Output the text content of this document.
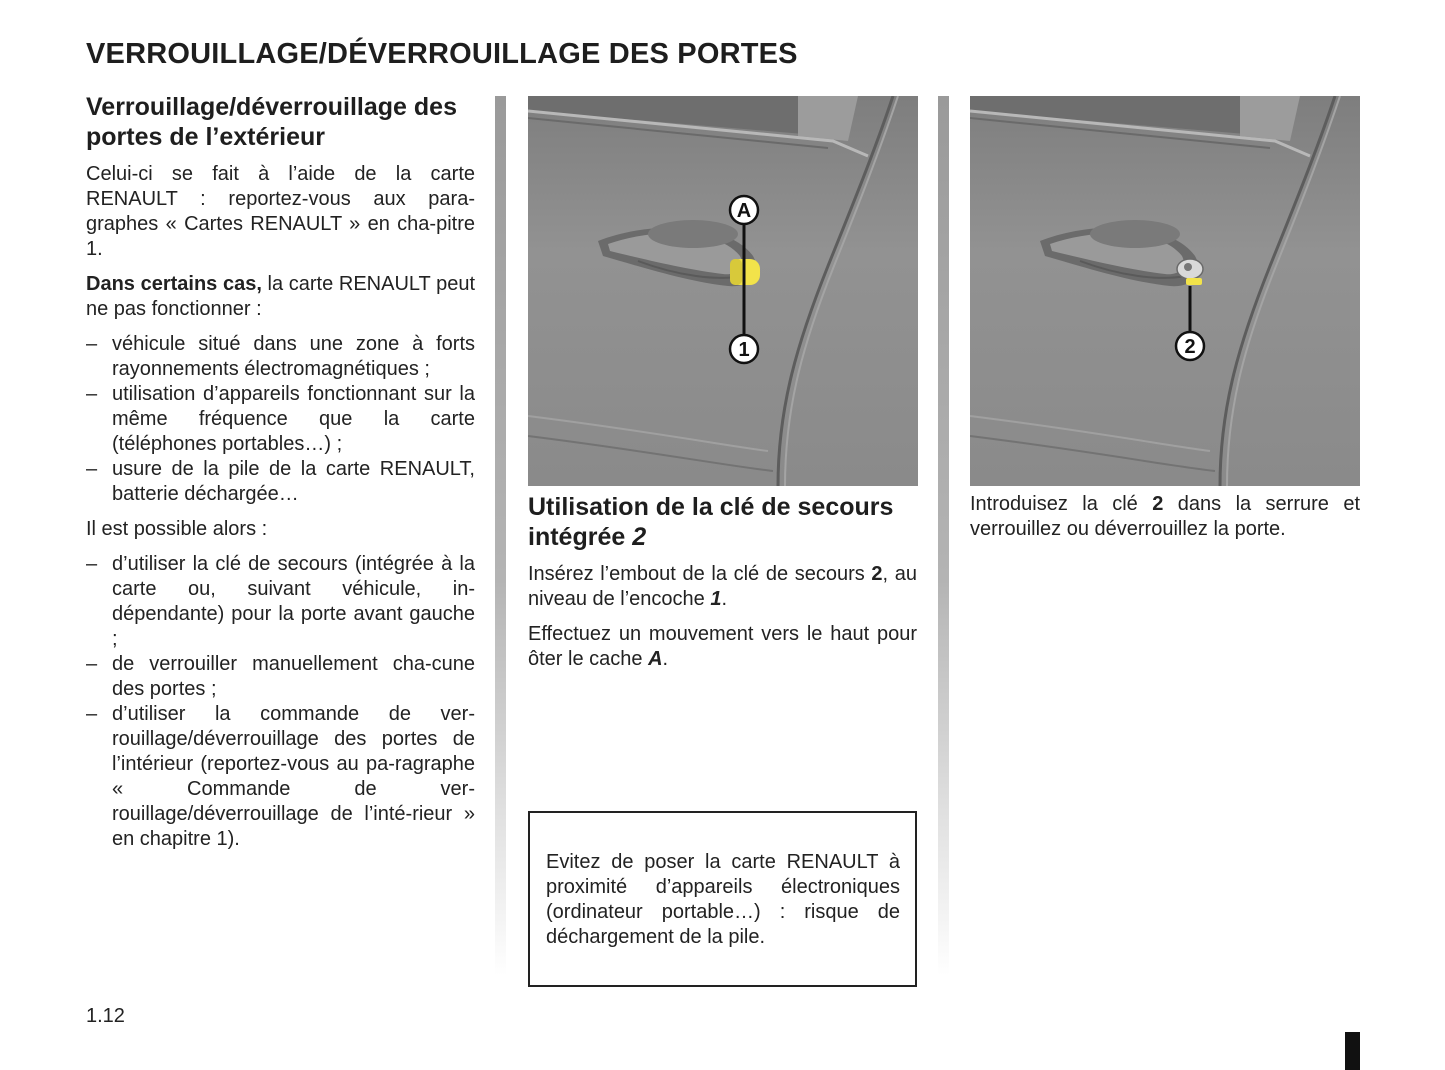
VERROUILLAGE/DÉVERROUILLAGE DES PORTES
Verrouillage/déverrouillage des portes de l’extérieur

Celui-ci se fait à l’aide de la carte RENAULT : reportez-vous aux para-graphes « Cartes RENAULT » en cha-pitre 1.

Dans certains cas, la carte RENAULT peut ne pas fonctionner :

– véhicule situé dans une zone à forts rayonnements électromagnétiques ;
– utilisation d’appareils fonctionnant sur la même fréquence que la carte (téléphones portables…) ;
– usure de la pile de la carte RENAULT, batterie déchargée…

Il est possible alors :

– d’utiliser la clé de secours (intégrée à la carte ou, suivant véhicule, in-dépendante) pour la porte avant gauche ;
– de verrouiller manuellement cha-cune des portes ;
– d’utiliser la commande de ver-rouillage/déverrouillage des portes de l’intérieur (reportez-vous au pa-ragraphe « Commande de ver-rouillage/déverrouillage de l’inté-rieur » en chapitre 1).
A
1	2
Utilisation de la clé de secours intégrée 2

Insérez l’embout de la clé de secours 2, au niveau de l’encoche 1.

Effectuez un mouvement vers le haut pour ôter le cache A.

Introduisez la clé 2 dans la serrure et verrouillez ou déverrouillez la porte.

Evitez de poser la carte RENAULT à proximité d’appareils électroniques (ordinateur portable…) : risque de déchargement de la pile.

1.12
